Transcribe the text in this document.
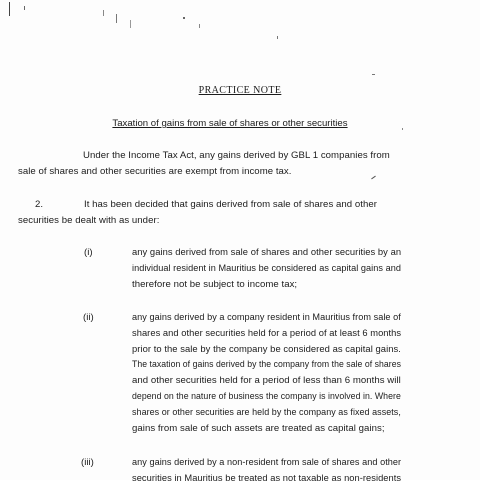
PRACTICE NOTE
Taxation of gains from sale of shares or other securities
Under the Income Tax Act, any gains derived by GBL 1 companies from
sale of shares and other securities are exempt from income tax.
2.	It has been decided that gains derived from sale of shares and other
securities be dealt with as under:
(i)	any gains derived from sale of shares and other securities by an
individual resident in Mauritius be considered as capital gains and
therefore not be subject to income tax;
(ii)	any gains derived by a company resident in Mauritius from sale of
shares and other securities held for a period of at least 6 months
prior to the sale by the company be considered as capital gains.
The taxation of gains derived by the company from the sale of shares
and other securities held for a period of less than 6 months will
depend on the nature of business the company is involved in. Where
shares or other securities are held by the company as fixed assets,
gains from sale of such assets are treated as capital gains;
(iii)	any gains derived by a non-resident from sale of shares and other
securities in Mauritius be treated as not taxable as non-residents
